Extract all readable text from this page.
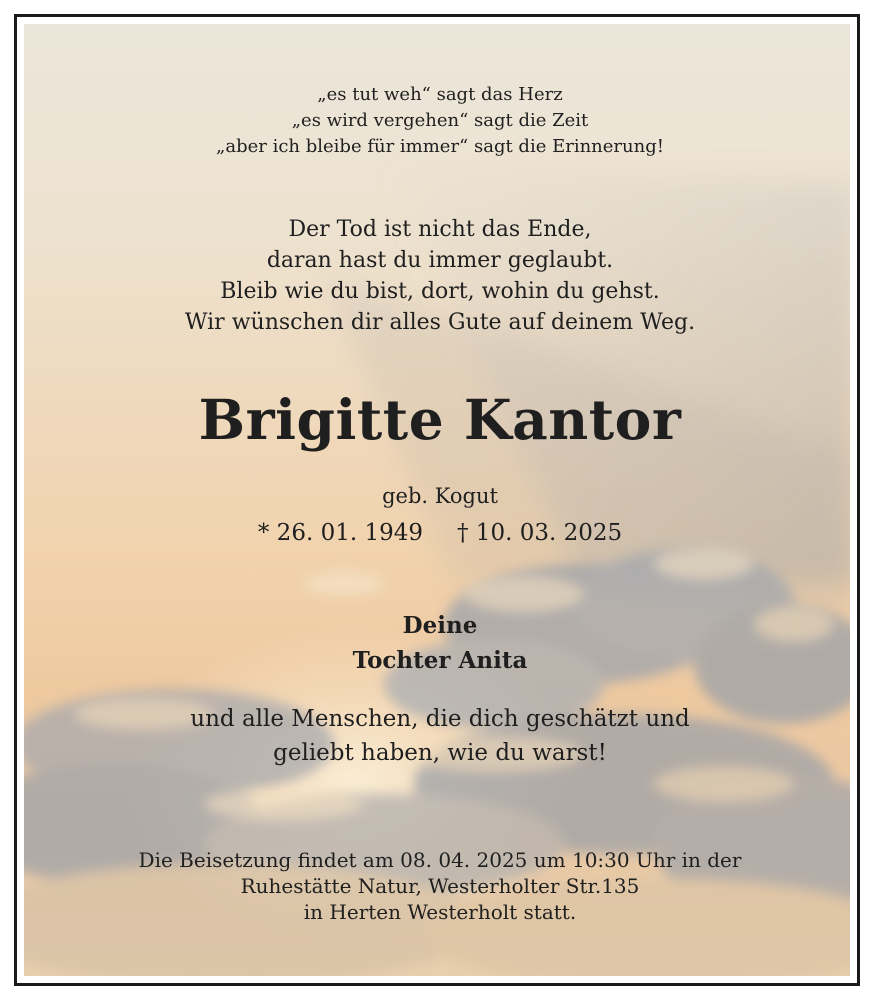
„es tut weh“ sagt das Herz

„es wird vergehen“ sagt die Zeit

„aber ich bleibe für immer“ sagt die Erinnerung!

Der Tod ist nicht das Ende,

daran hast du immer geglaubt.

Bleib wie du bist, dort, wohin du gehst.

Wir wünschen dir alles Gute auf deinem Weg.

Brigitte Kantor

geb. Kogut

* 26. 01. 1949 † 10. 03. 2025

Deine

Tochter Anita

und alle Menschen, die dich geschätzt und

geliebt haben, wie du warst!

Die Beisetzung findet am 08. 04. 2025 um 10:30 Uhr in der

Ruhestätte Natur, Westerholter Str.135

in Herten Westerholt statt.
